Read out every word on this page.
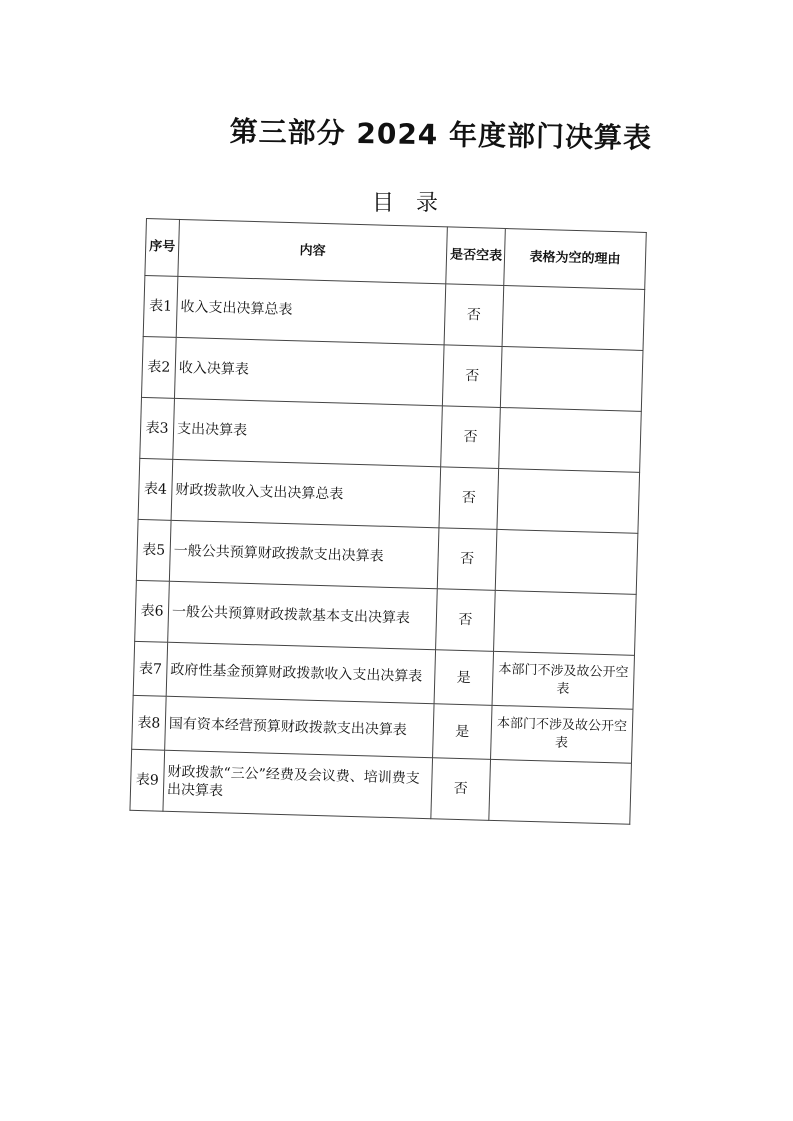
第三部分 2024 年度部门决算表
目录
序号	内容	是否空表	表格为空的理由
表1	收入支出决算总表	否	
表2	收入决算表	否	
表3	支出决算表	否	
表4	财政拨款收入支出决算总表	否	
表5	一般公共预算财政拨款支出决算表	否	
表6	一般公共预算财政拨款基本支出决算表	否	
表7	政府性基金预算财政拨款收入支出决算表	是	本部门不涉及故公开空表
表8	国有资本经营预算财政拨款支出决算表	是	本部门不涉及故公开空表
表9	财政拨款“三公”经费及会议费、培训费支出决算表	否	
